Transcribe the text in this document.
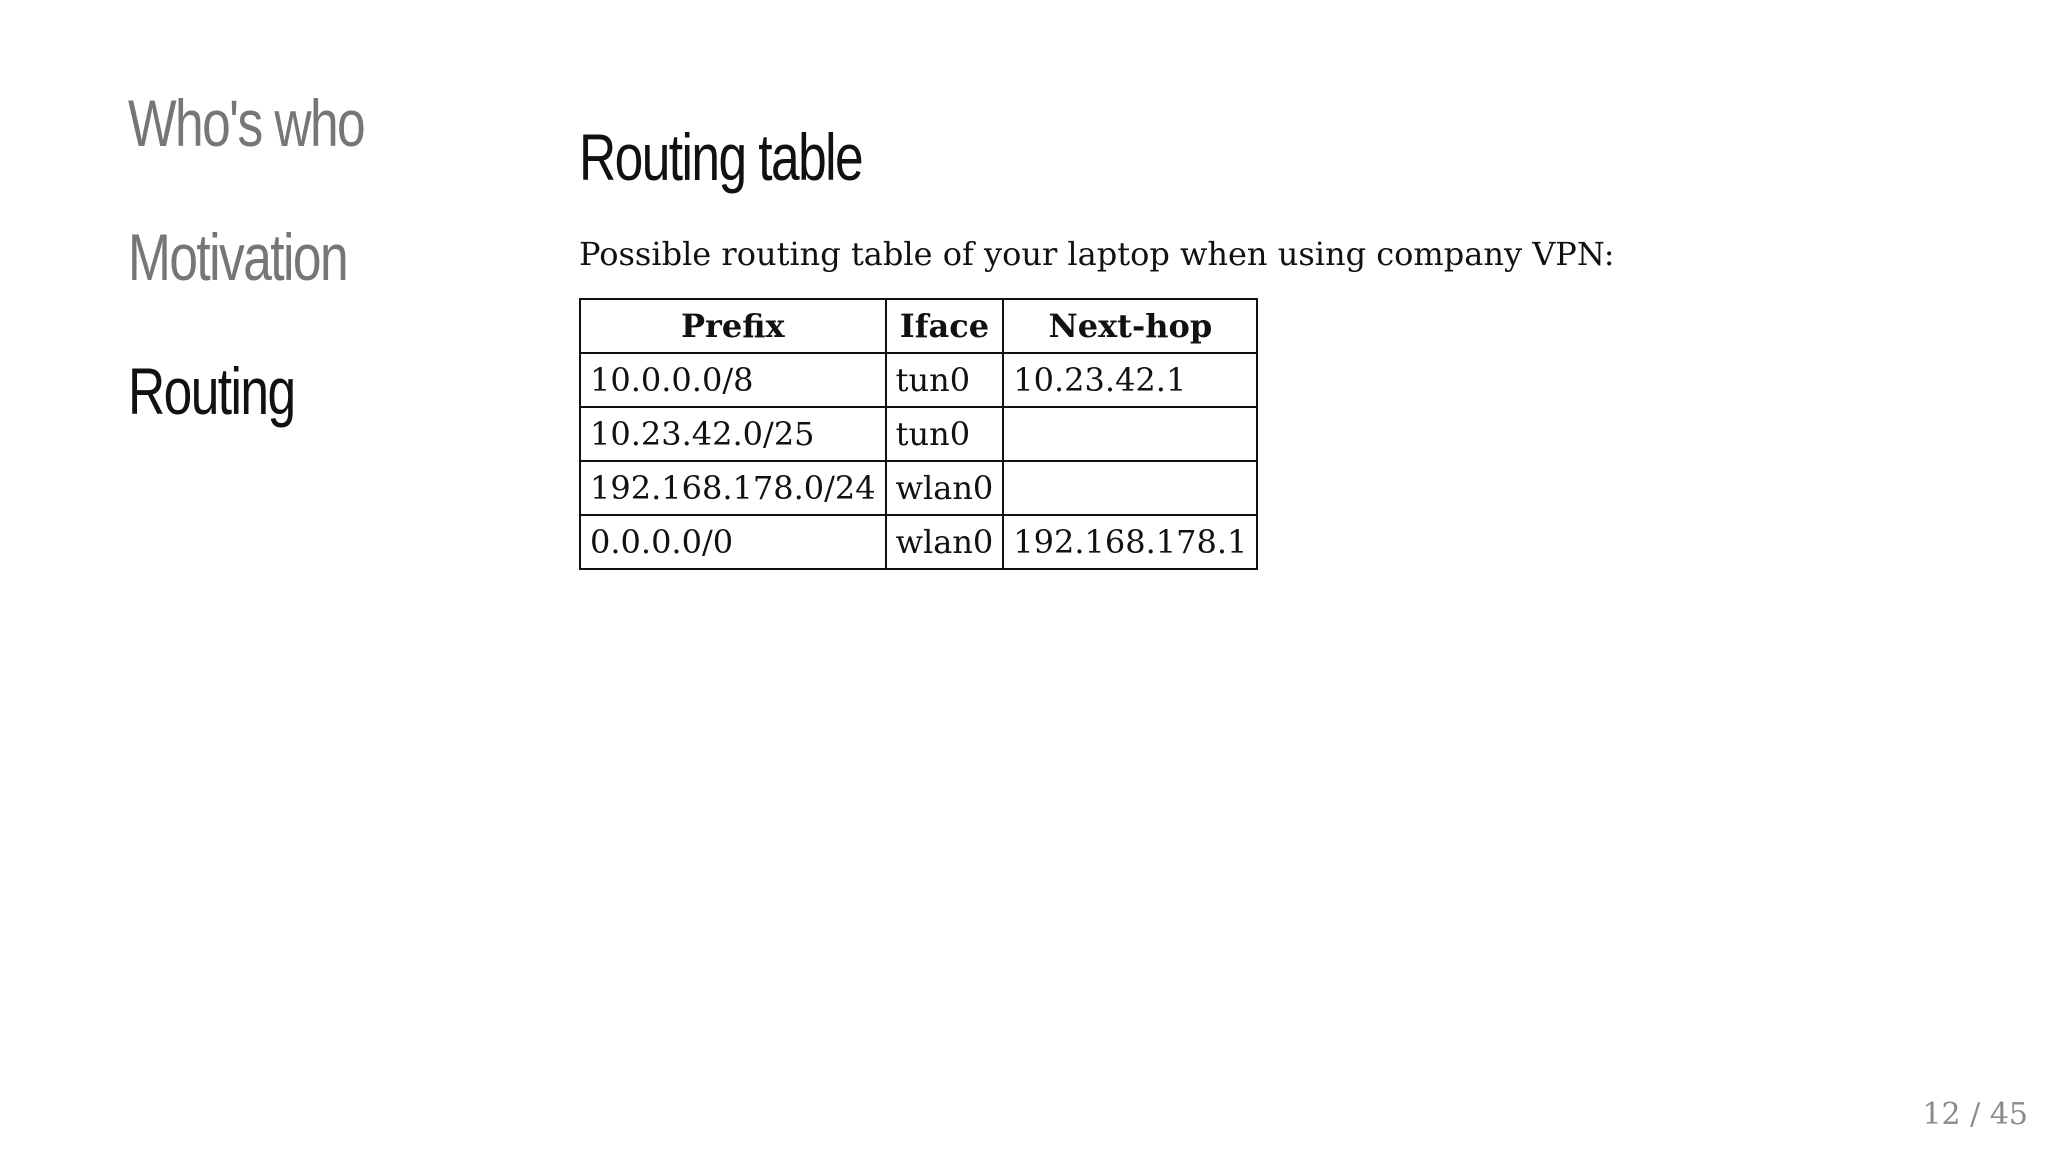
Who's who
Motivation
Routing
Routing table

Possible routing table of your laptop when using company VPN:

Prefix	Iface	Next-hop
10.0.0.0/8	tun0	10.23.42.1
10.23.42.0/25	tun0	
192.168.178.0/24	wlan0	
0.0.0.0/0	wlan0	192.168.178.1
12 / 45
